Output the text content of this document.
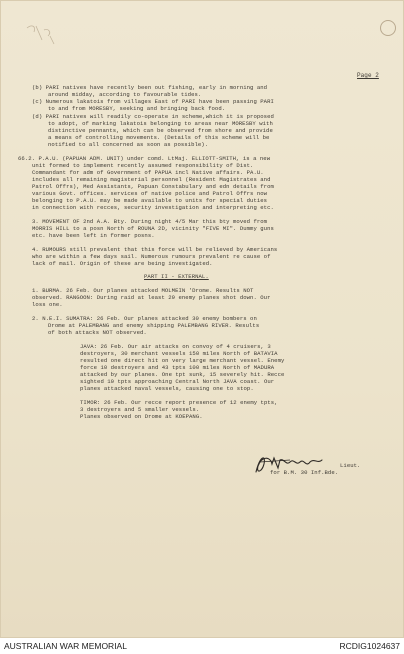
Page 2
(b) PARI natives have recently been out fishing, early in morning and
around midday, according to favourable tides.
(c) Numerous lakatois from villages East of PARI have been passing PARI
to and from MORESBY, seeking and bringing back food.
(d) PARI natives will readily co-operate in scheme,which it is proposed
to adopt, of marking lakatois belonging to areas near MORESBY with
distinctive pennants, which can be observed from shore and provide
a means of controlling movements. (Details of this scheme will be
notified to all concerned as soon as possible).
66.2. P.A.U. (PAPUAN ADM. UNIT) under comd. LtMaj. ELLIOTT-SMITH, is a new
unit formed to implement recently assumed responsibility of Dist.
Commandant for adm of Government of PAPUA incl Native affairs. PA.U.
includes all remaining magisterial personnel (Resident Magistrates and
Patrol Offrs), Med Assistants, Papuan Constabulary and edn details from
various Govt. offices. services of native police and Patrol Offrs now
belonging to P.A.U. may be made available to units for special duties
in connection with recces, security investigation and interpreting etc.
3. MOVEMENT OF 2nd A.A. Bty. During night 4/5 Mar this bty moved from
MORRIS HILL to a posn North of ROUNA 2D, vicinity "FIVE MI". Dummy guns
etc. have been left in former posns.
4. RUMOURS still prevalent that this force will be relieved by Americans
who are within a few days sail. Numerous rumours prevalent re cause of
lack of mail. Origin of these are being investigated.
PART II - EXTERNAL.
1. BURMA. 26 Feb. Our planes attacked MOLMEIN 'Drome. Results NOT
observed. RANGOON: During raid at least 29 enemy planes shot down. Our
loss one.
2. N.E.I. SUMATRA: 26 Feb. Our planes attacked 30 enemy bombers on
Drome at PALEMBANG and enemy shipping PALEMBANG RIVER. Results
of both attacks NOT observed.
JAVA: 26 Feb. Our air attacks on convoy of 4 cruisers, 3
destroyers, 30 merchant vessels 150 miles North of BATAVIA
resulted one direct hit on very large merchant vessel. Enemy
force 10 destroyers and 43 tpts 100 miles North of MADURA
attacked by our planes. One tpt sunk, 15 severely hit. Recce
sighted 10 tpts approaching Central North JAVA coast. Our
planes attacked naval vessels, causing one to stop.
TIMOR: 26 Feb. Our recce report presence of 12 enemy tpts,
3 destroyers and 5 smaller vessels.
Planes observed on Drome at KOEPANG.
Lieut.
for B.M. 30 Inf.Bde.
AUSTRALIAN WAR MEMORIAL	RCDIG1024637
